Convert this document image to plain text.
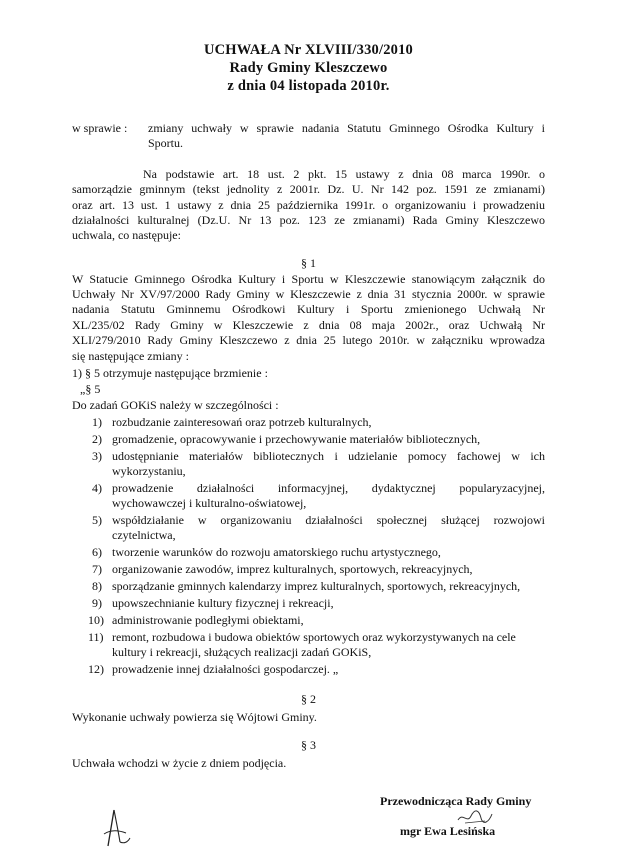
UCHWAŁA Nr XLVIII/330/2010
Rady Gminy Kleszczewo
z dnia 04 listopada 2010r.
w sprawie : zmiany uchwały w sprawie nadania Statutu Gminnego Ośrodka Kultury i
Sportu.
Na podstawie art. 18 ust. 2 pkt. 15 ustawy z dnia 08 marca 1990r. o
samorządzie gminnym (tekst jednolity z 2001r. Dz. U. Nr 142 poz. 1591 ze zmianami)
oraz art. 13 ust. 1 ustawy z dnia 25 października 1991r. o organizowaniu i prowadzeniu
działalności kulturalnej (Dz.U. Nr 13 poz. 123 ze zmianami) Rada Gminy Kleszczewo
uchwala, co następuje:
§ 1
W Statucie Gminnego Ośrodka Kultury i Sportu w Kleszczewie stanowiącym załącznik do
Uchwały Nr XV/97/2000 Rady Gminy w Kleszczewie z dnia 31 stycznia 2000r. w sprawie
nadania Statutu Gminnemu Ośrodkowi Kultury i Sportu zmienionego Uchwałą Nr
XL/235/02 Rady Gminy w Kleszczewie z dnia 08 maja 2002r., oraz Uchwałą Nr
XLI/279/2010 Rady Gminy Kleszczewo z dnia 25 lutego 2010r. w załączniku wprowadza
się następujące zmiany :
1) § 5 otrzymuje następujące brzmienie :
„§ 5
Do zadań GOKiS należy w szczególności :
1) rozbudzanie zainteresowań oraz potrzeb kulturalnych,
2) gromadzenie, opracowywanie i przechowywanie materiałów bibliotecznych,
3) udostępnianie materiałów bibliotecznych i udzielanie pomocy fachowej w ich
wykorzystaniu,
4) prowadzenie działalności informacyjnej, dydaktycznej popularyzacyjnej,
wychowawczej i kulturalno-oświatowej,
5) współdziałanie w organizowaniu działalności społecznej służącej rozwojowi
czytelnictwa,
6) tworzenie warunków do rozwoju amatorskiego ruchu artystycznego,
7) organizowanie zawodów, imprez kulturalnych, sportowych, rekreacyjnych,
8) sporządzanie gminnych kalendarzy imprez kulturalnych, sportowych, rekreacyjnych,
9) upowszechnianie kultury fizycznej i rekreacji,
10) administrowanie podległymi obiektami,
11) remont, rozbudowa i budowa obiektów sportowych oraz wykorzystywanych na cele
kultury i rekreacji, służących realizacji zadań GOKiS,
12) prowadzenie innej działalności gospodarczej. „
§ 2
Wykonanie uchwały powierza się Wójtowi Gminy.
§ 3
Uchwała wchodzi w życie z dniem podjęcia.
Przewodnicząca Rady Gminy
mgr Ewa Lesińska
